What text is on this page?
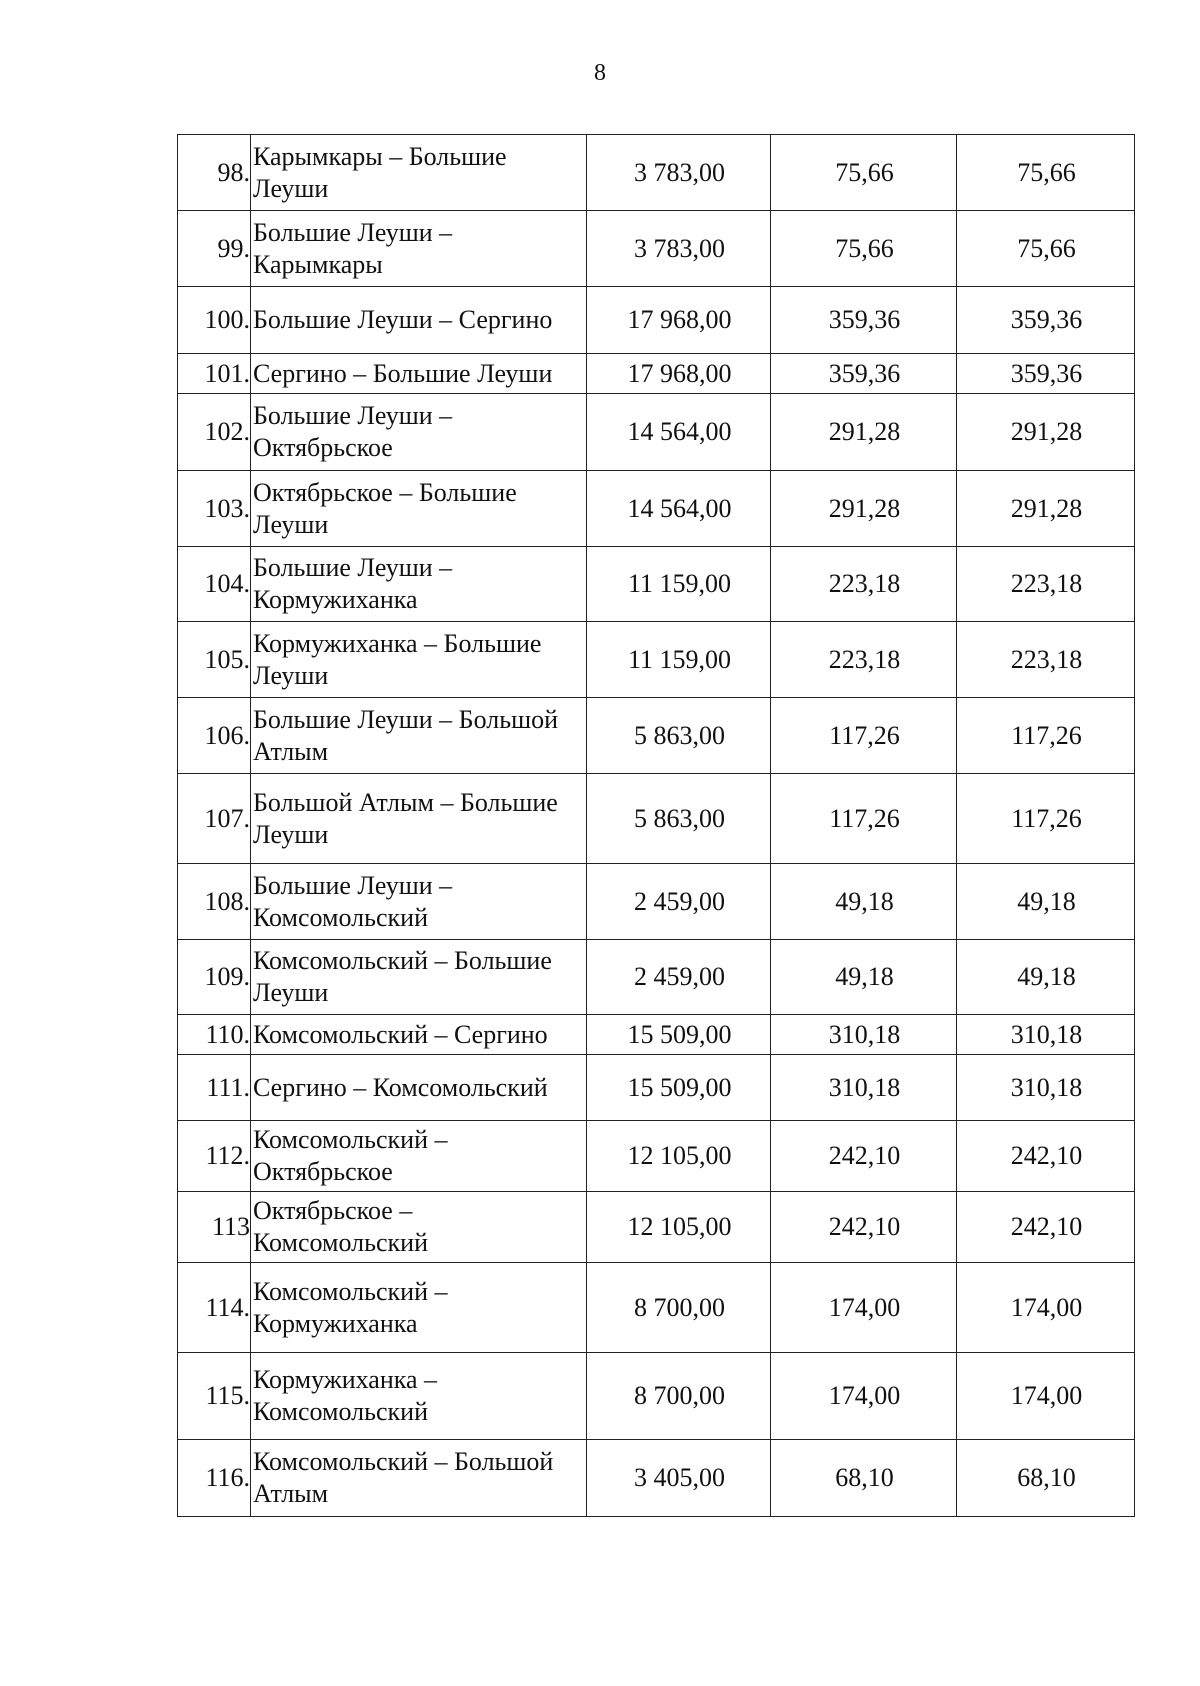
8
98.	Карымкары – Большие Леуши	3 783,00	75,66	75,66
99.	Большие Леуши – Карымкары	3 783,00	75,66	75,66
100.	Большие Леуши – Сергино	17 968,00	359,36	359,36
101.	Сергино – Большие Леуши	17 968,00	359,36	359,36
102.	Большие Леуши – Октябрьское	14 564,00	291,28	291,28
103.	Октябрьское – Большие Леуши	14 564,00	291,28	291,28
104.	Большие Леуши – Кормужиханка	11 159,00	223,18	223,18
105.	Кормужиханка – Большие Леуши	11 159,00	223,18	223,18
106.	Большие Леуши – Большой Атлым	5 863,00	117,26	117,26
107.	Большой Атлым – Большие Леуши	5 863,00	117,26	117,26
108.	Большие Леуши – Комсомольский	2 459,00	49,18	49,18
109.	Комсомольский – Большие Леуши	2 459,00	49,18	49,18
110.	Комсомольский – Сергино	15 509,00	310,18	310,18
111.	Сергино – Комсомольский	15 509,00	310,18	310,18
112.	Комсомольский – Октябрьское	12 105,00	242,10	242,10
113	Октябрьское – Комсомольский	12 105,00	242,10	242,10
114.	Комсомольский – Кормужиханка	8 700,00	174,00	174,00
115.	Кормужиханка – Комсомольский	8 700,00	174,00	174,00
116.	Комсомольский – Большой Атлым	3 405,00	68,10	68,10
